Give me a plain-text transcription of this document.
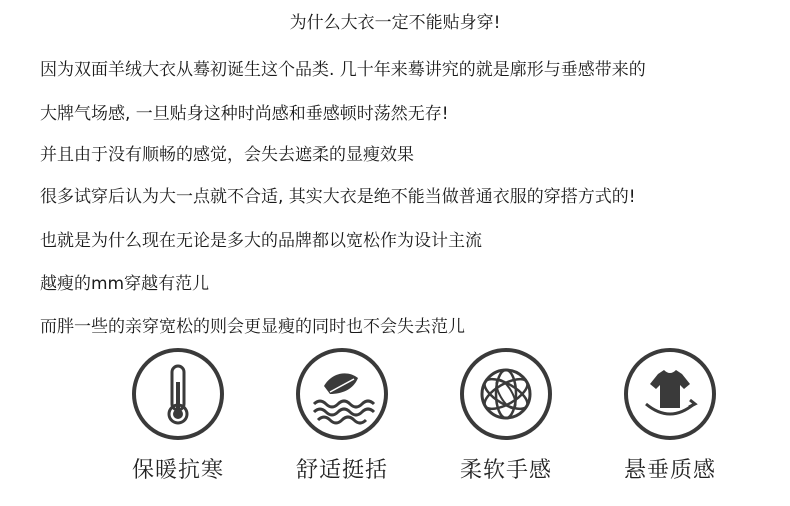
为什么大衣一定不能贴身穿!
因为双面羊绒大衣从蓦初诞生这个品类. 几十年来蓦讲究的就是廓形与垂感带来的
大牌气场感, 一旦贴身这种时尚感和垂感顿时荡然无存!
并且由于没有顺畅的感觉，会失去遮柔的显瘦效果
很多试穿后认为大一点就不合适, 其实大衣是绝不能当做普通衣服的穿搭方式的!
也就是为什么现在无论是多大的品牌都以宽松作为设计主流
越瘦的mm穿越有范儿
而胖一些的亲穿宽松的则会更显瘦的同时也不会失去范儿
保暖抗寒	舒适挺括	柔软手感	悬垂质感
